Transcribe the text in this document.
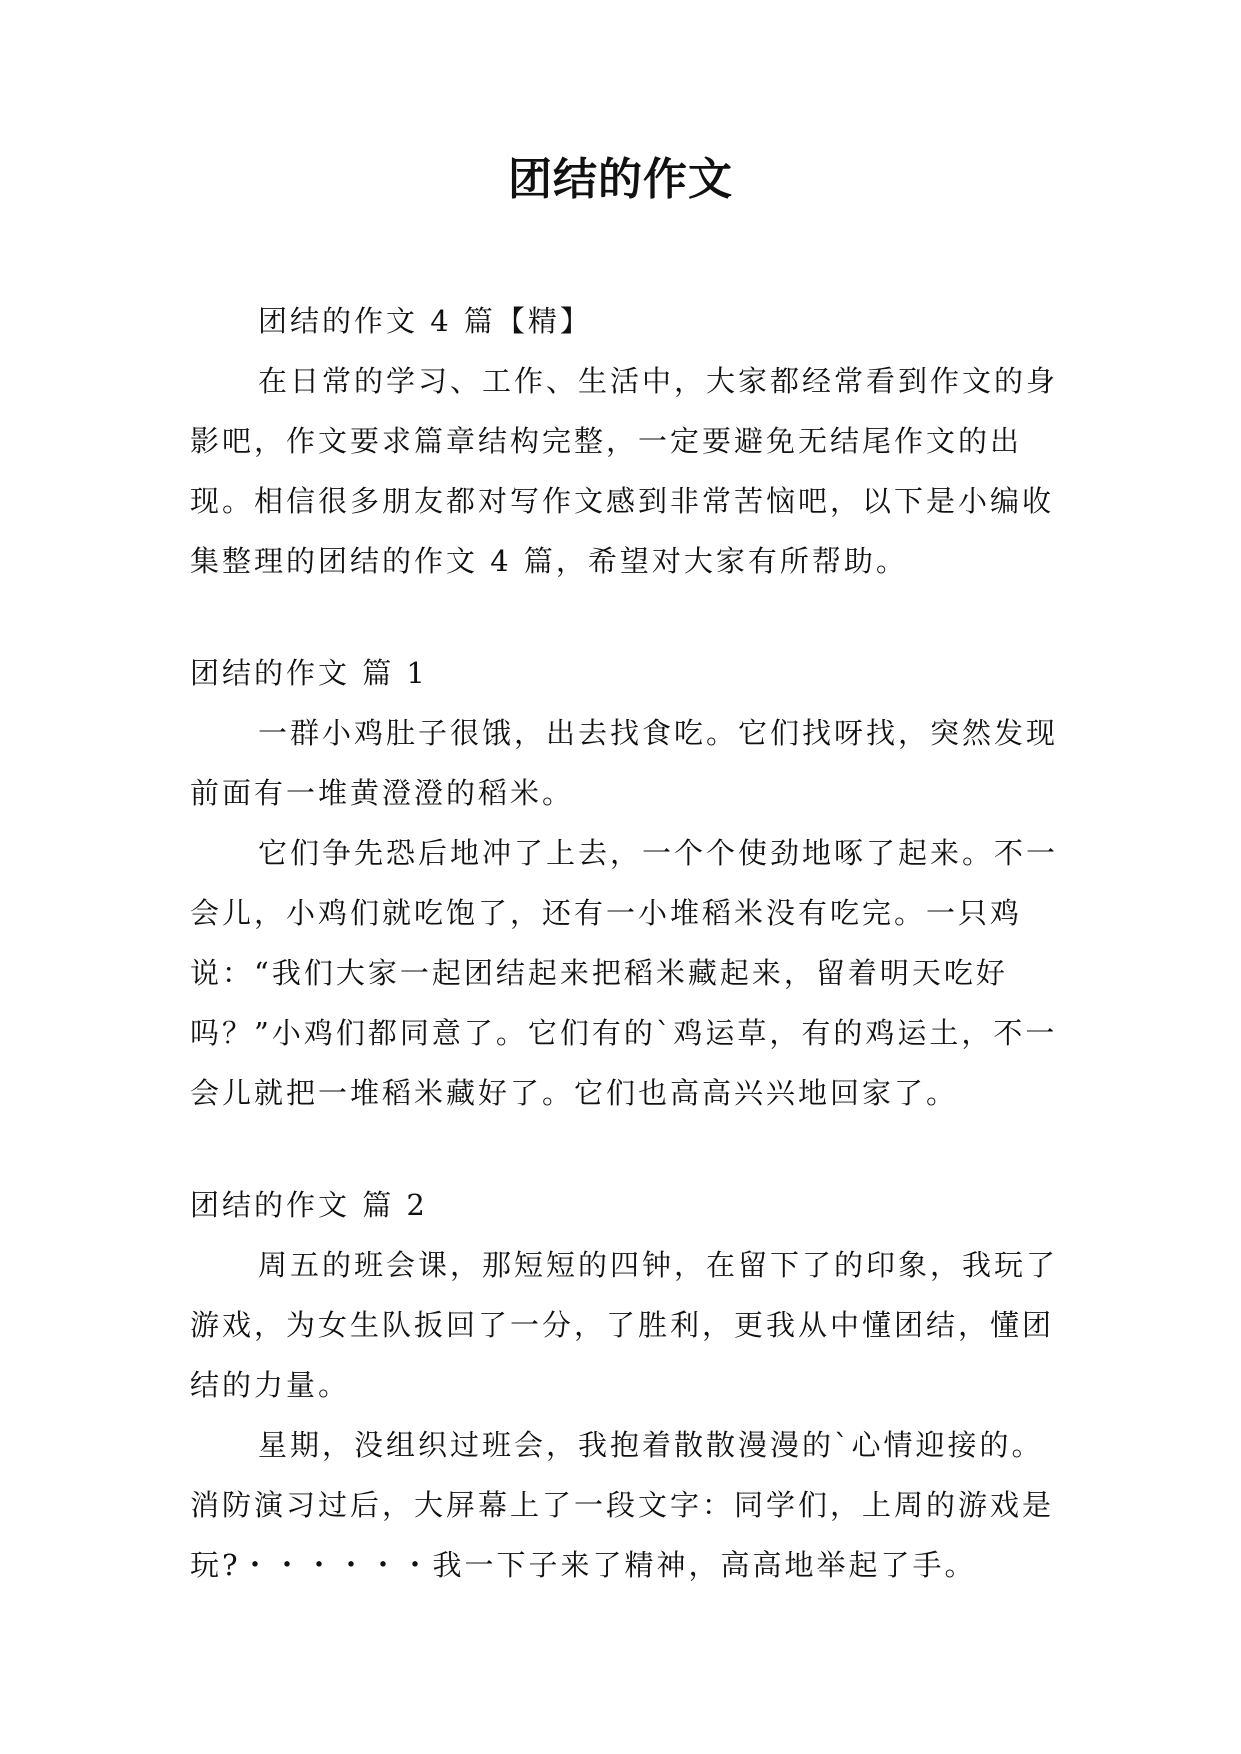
团结的作文

团结的作文 4 篇【精】

在日常的学习、工作、生活中，大家都经常看到作文的身影吧，作文要求篇章结构完整，一定要避免无结尾作文的出现。相信很多朋友都对写作文感到非常苦恼吧，以下是小编收集整理的团结的作文 4 篇，希望对大家有所帮助。

团结的作文 篇 1

一群小鸡肚子很饿，出去找食吃。它们找呀找，突然发现前面有一堆黄澄澄的稻米。

它们争先恐后地冲了上去，一个个使劲地啄了起来。不一会儿，小鸡们就吃饱了，还有一小堆稻米没有吃完。一只鸡说：“我们大家一起团结起来把稻米藏起来，留着明天吃好吗？”小鸡们都同意了。它们有的`鸡运草，有的鸡运土，不一会儿就把一堆稻米藏好了。它们也高高兴兴地回家了。

团结的作文 篇 2

周五的班会课，那短短的四钟，在留下了的印象，我玩了游戏，为女生队扳回了一分，了胜利，更我从中懂团结，懂团结的力量。

星期，没组织过班会，我抱着散散漫漫的`心情迎接的。消防演习过后，大屏幕上了一段文字：同学们，上周的游戏是玩?・・・・・・我一下子来了精神，高高地举起了手。
